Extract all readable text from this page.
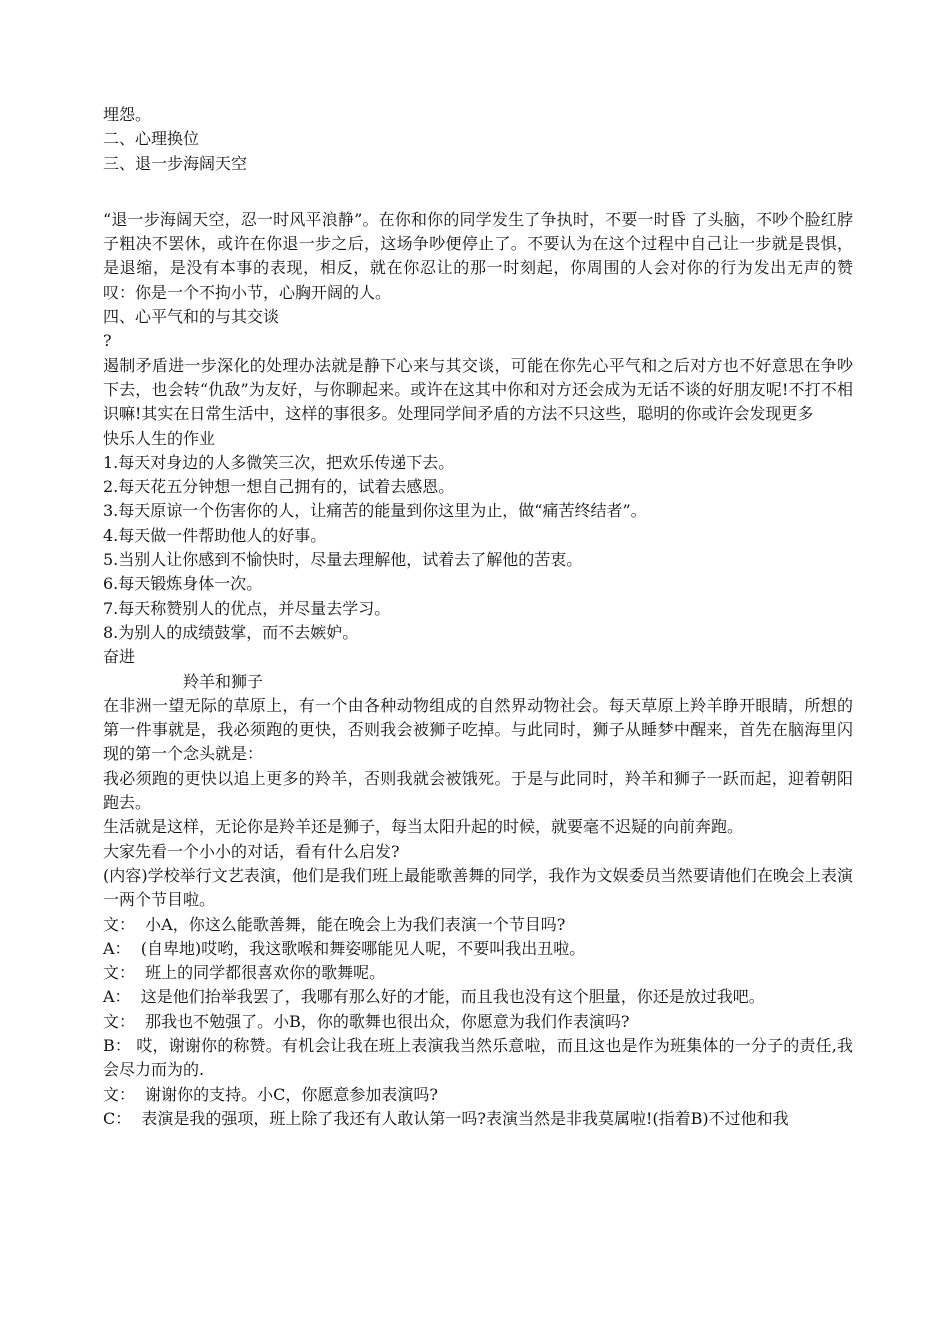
埋怨。
二、心理换位
三、退一步海阔天空
“退一步海阔天空，忍一时风平浪静”。在你和你的同学发生了争执时，不要一时昏 了头脑，不吵个脸红脖子粗决不罢休，或许在你退一步之后，这场争吵便停止了。不要认为在这个过程中自己让一步就是畏惧，是退缩，是没有本事的表现，相反，就在你忍让的那一时刻起，你周围的人会对你的行为发出无声的赞叹：你是一个不拘小节，心胸开阔的人。
四、心平气和的与其交谈
?
遏制矛盾进一步深化的处理办法就是静下心来与其交谈，可能在你先心平气和之后对方也不好意思在争吵下去，也会转“仇敌”为友好，与你聊起来。或许在这其中你和对方还会成为无话不谈的好朋友呢!不打不相识嘛!其实在日常生活中，这样的事很多。处理同学间矛盾的方法不只这些，聪明的你或许会发现更多
快乐人生的作业
1.每天对身边的人多微笑三次，把欢乐传递下去。
2.每天花五分钟想一想自己拥有的，试着去感恩。
3.每天原谅一个伤害你的人，让痛苦的能量到你这里为止，做“痛苦终结者”。
4.每天做一件帮助他人的好事。
5.当别人让你感到不愉快时，尽量去理解他，试着去了解他的苦衷。
6.每天锻炼身体一次。
7.每天称赞别人的优点，并尽量去学习。
8.为别人的成绩鼓掌，而不去嫉妒。
奋进
羚羊和狮子
在非洲一望无际的草原上，有一个由各种动物组成的自然界动物社会。每天草原上羚羊睁开眼睛，所想的第一件事就是，我必须跑的更快，否则我会被狮子吃掉。与此同时，狮子从睡梦中醒来，首先在脑海里闪现的第一个念头就是：
我必须跑的更快以追上更多的羚羊，否则我就会被饿死。于是与此同时，羚羊和狮子一跃而起，迎着朝阳跑去。
生活就是这样，无论你是羚羊还是狮子，每当太阳升起的时候，就要毫不迟疑的向前奔跑。
大家先看一个小小的对话，看有什么启发?
(内容)学校举行文艺表演，他们是我们班上最能歌善舞的同学，我作为文娱委员当然要请他们在晚会上表演一两个节目啦。
文：  小A，你这么能歌善舞，能在晚会上为我们表演一个节目吗?
A：  (自卑地)哎哟，我这歌喉和舞姿哪能见人呢，不要叫我出丑啦。
文：  班上的同学都很喜欢你的歌舞呢。
A：  这是他们抬举我罢了，我哪有那么好的才能，而且我也没有这个胆量，你还是放过我吧。
文：  那我也不勉强了。小B，你的歌舞也很出众，你愿意为我们作表演吗?
B： 哎，谢谢你的称赞。有机会让我在班上表演我当然乐意啦，而且这也是作为班集体的一分子的责任,我会尽力而为的.
文：  谢谢你的支持。小C，你愿意参加表演吗?
C：  表演是我的强项，班上除了我还有人敢认第一吗?表演当然是非我莫属啦!(指着B)不过他和我
